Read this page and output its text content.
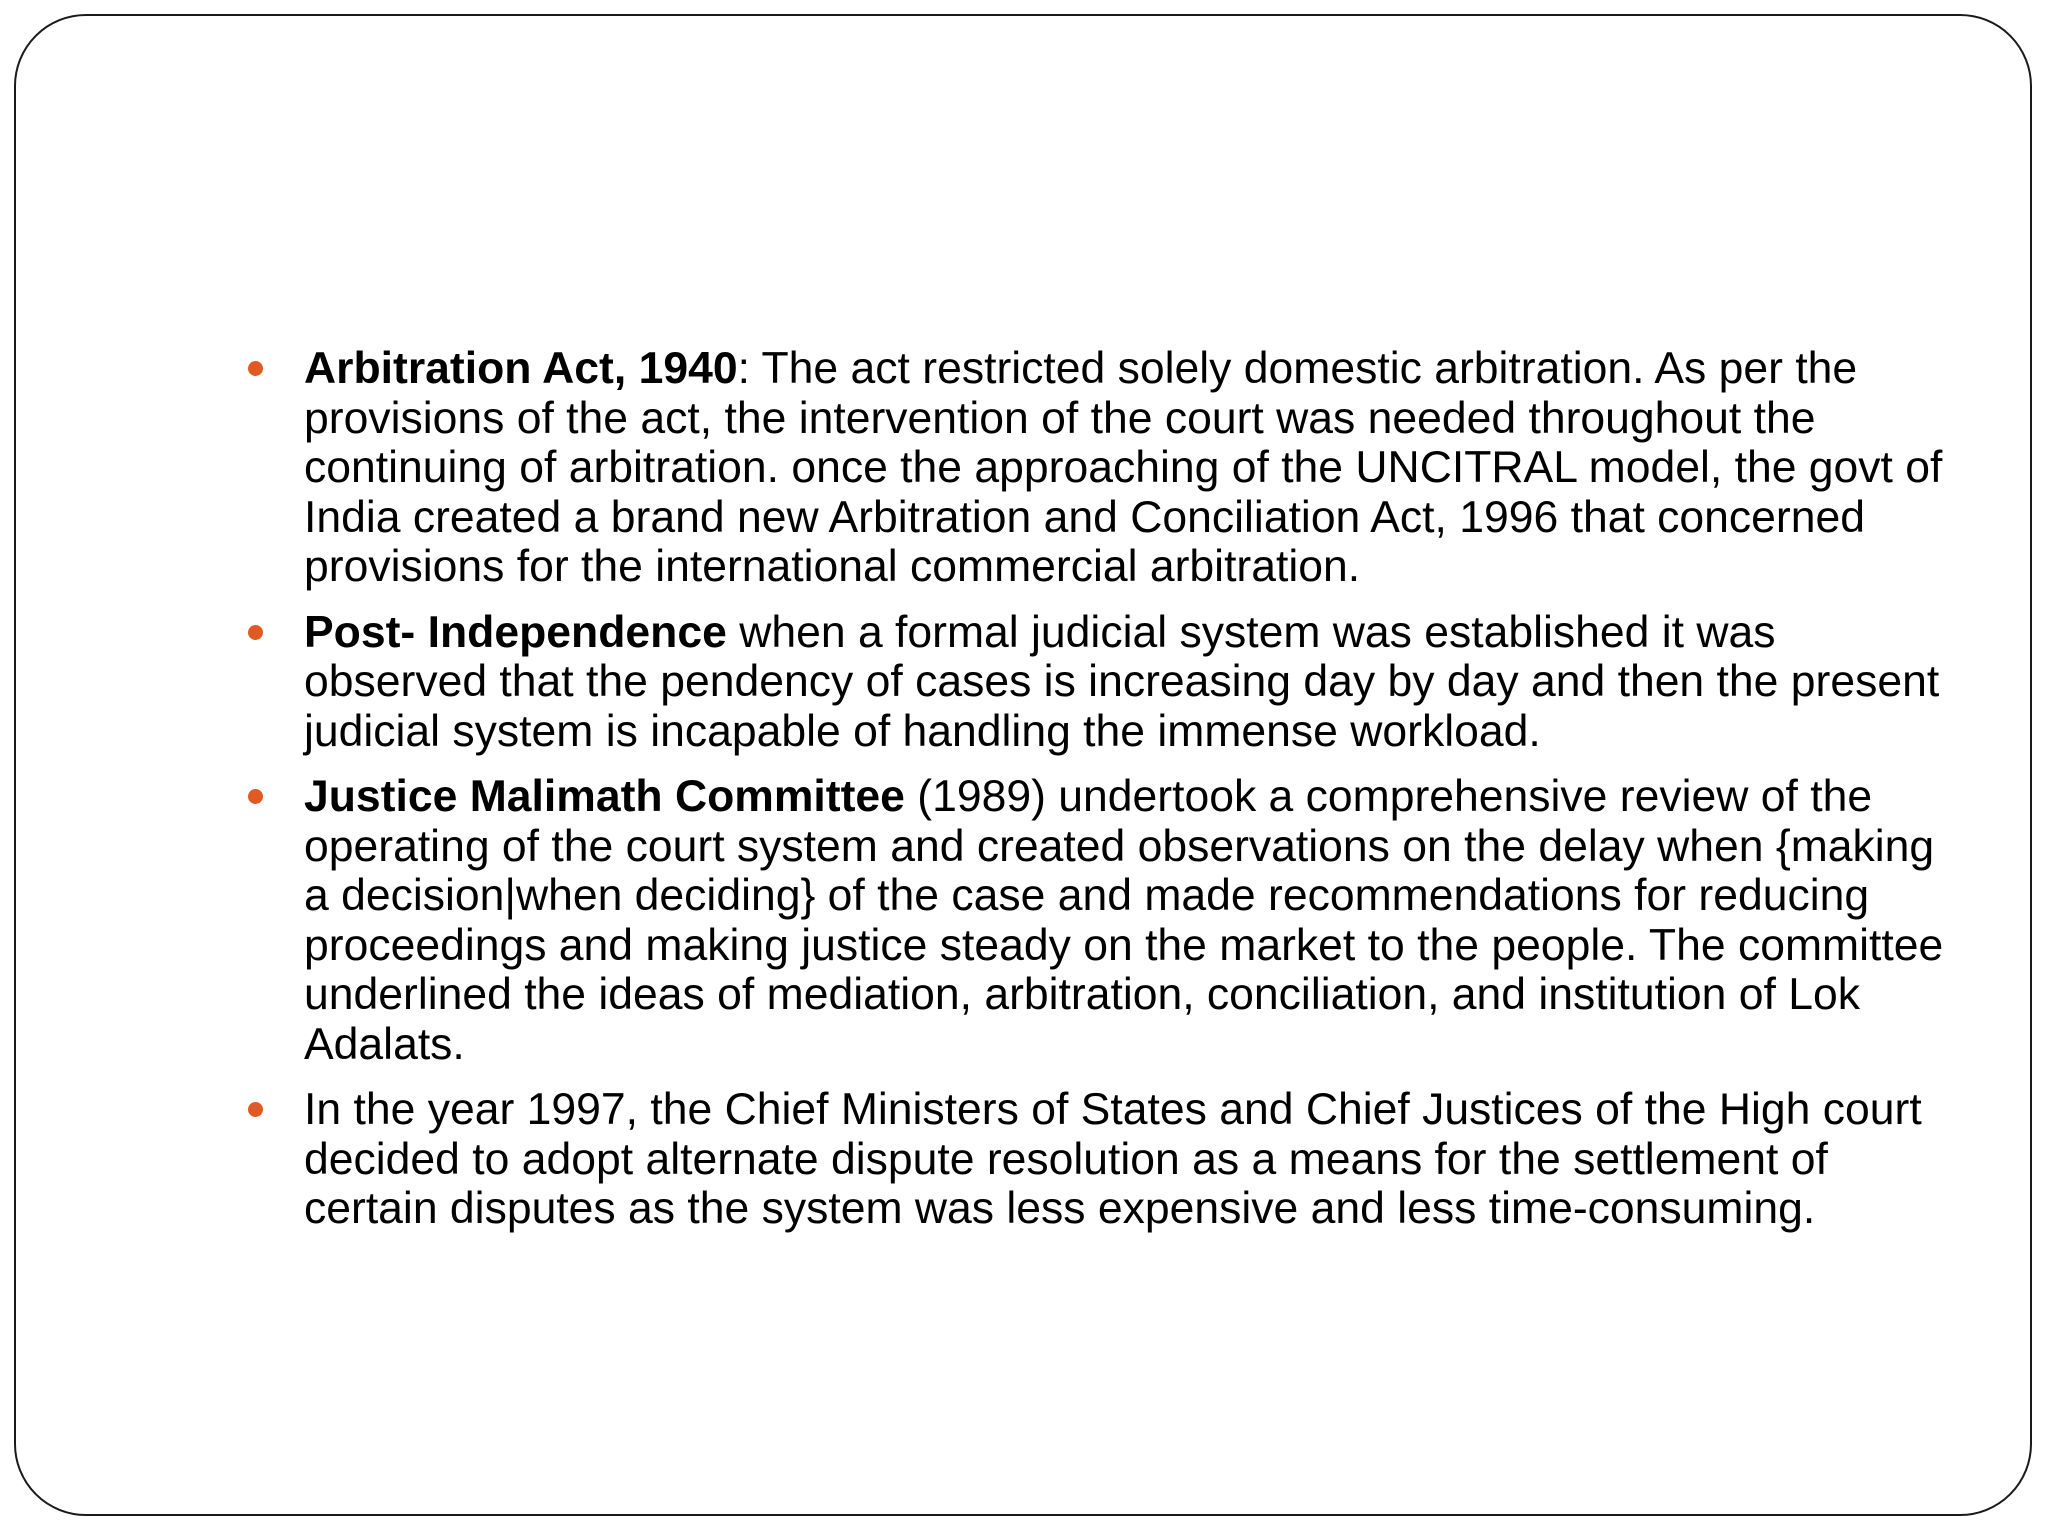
Arbitration Act, 1940: The act restricted solely domestic arbitration. As per the provisions of the act, the intervention of the court was needed throughout the continuing of arbitration. once the approaching of the UNCITRAL model, the govt of India created a brand new Arbitration and Conciliation Act, 1996 that concerned provisions for the international commercial arbitration.
Post- Independence when a formal judicial system was established it was observed that the pendency of cases is increasing day by day and then the present judicial system is incapable of handling the immense workload.
Justice Malimath Committee (1989) undertook a comprehensive review of the operating of the court system and created observations on the delay when {making a decision|when deciding} of the case and made recommendations for reducing proceedings and making justice steady on the market to the people. The committee underlined the ideas of mediation, arbitration, conciliation, and institution of Lok Adalats.
In the year 1997, the Chief Ministers of States and Chief Justices of the High court decided to adopt alternate dispute resolution as a means for the settlement of certain disputes as the system was less expensive and less time-consuming.
